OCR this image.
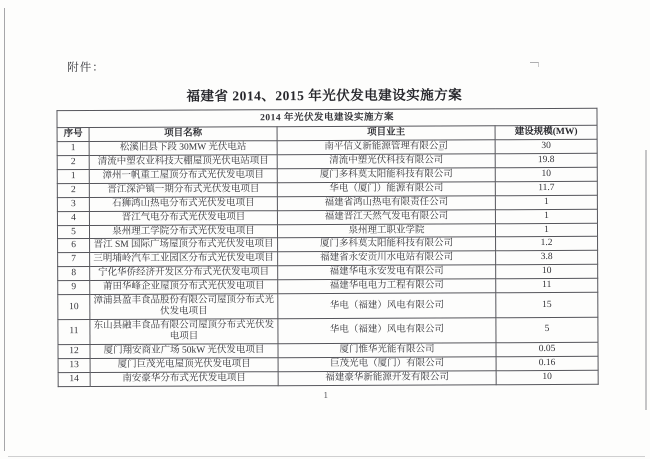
附件：
福建省 2014、2015 年光伏发电建设实施方案
2014 年光伏发电建设实施方案			
序号	项目名称	项目业主	建设规模(MW)
1	松溪旧县下段 30MW 光伏电站	南平信义新能源管理有限公司	30
2	清流中塑农业科技大棚屋顶光伏电站项目	清流中塑光伏科技有限公司	19.8
1	漳州一帆重工屋顶分布式光伏发电项目	厦门多科莫太阳能科技有限公司	10
2	晋江深沪镇一期分布式光伏发电项目	华电（厦门）能源有限公司	11.7
3	石狮鸿山热电分布式光伏发电项目	福建省鸿山热电有限责任公司	1
4	晋江气电分布式光伏发电项目	福建晋江天然气发电有限公司	1
5	泉州理工学院分布式光伏发电项目	泉州理工职业学院	1
6	晋江 SM 国际广场屋顶分布式光伏发电项目	厦门多科莫太阳能科技有限公司	1.2
7	三明埔岭汽车工业园区分布式光伏发电项目	福建省永安贡川水电站有限公司	3.8
8	宁化华侨经济开发区分布式光伏发电项目	福建华电永安发电有限公司	10
9	莆田华峰企业屋顶分布式光伏发电项目	福建华电电力工程有限公司	11
10	漳浦县盈丰食品股份有限公司屋顶分布式光伏发电项目	华电（福建）风电有限公司	15
11	东山县融丰食品有限公司屋顶分布式光伏发电项目	华电（福建）风电有限公司	5
12	厦门翔安商业广场 50kW 光伏发电项目	厦门惟华光能有限公司	0.05
13	厦门巨茂光电屋顶光伏发电项目	巨茂光电（厦门）有限公司	0.16
14	南安豪华分布式光伏发电项目	福建豪华新能源开发有限公司	10
1
